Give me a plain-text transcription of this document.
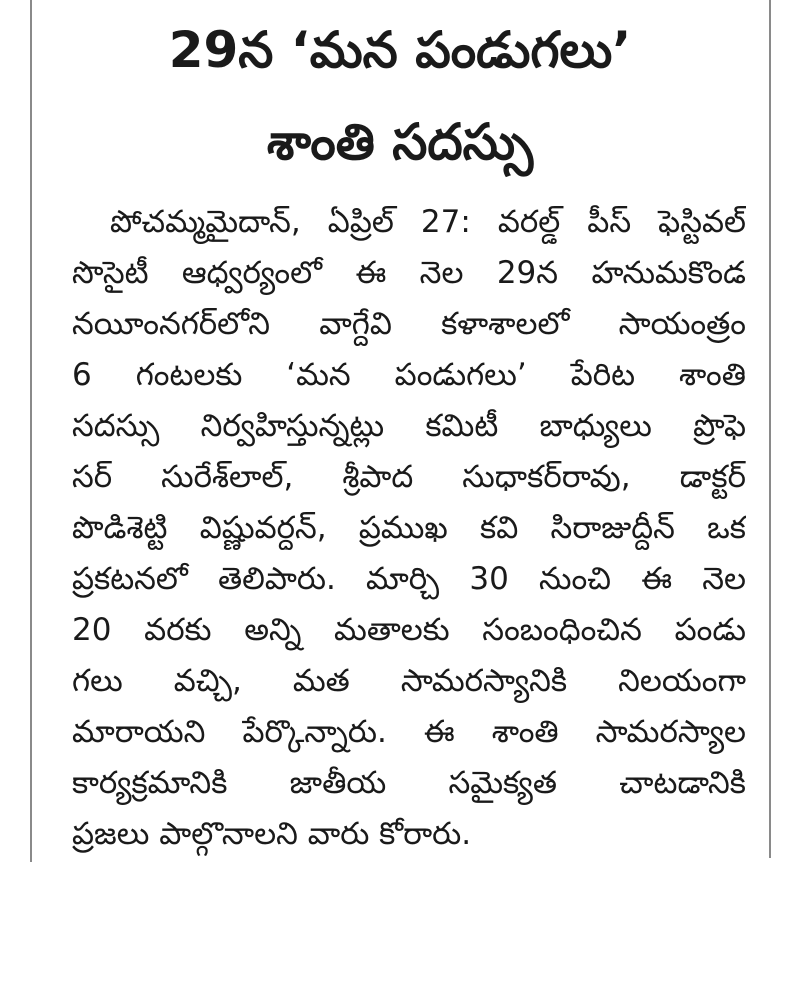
29న ‘మన పండుగలు’
శాంతి సదస్సు
పోచమ్మమైదాన్, ఏప్రిల్ 27: వరల్డ్ పీస్ ఫెస్టివల్
సొసైటీ ఆధ్వర్యంలో ఈ నెల 29న హనుమకొండ
నయీంనగర్‌లోని వాగ్దేవి కళాశాలలో సాయంత్రం
6 గంటలకు ‘మన పండుగలు’ పేరిట శాంతి
సదస్సు నిర్వహిస్తున్నట్లు కమిటీ బాధ్యులు ప్రొఫె
సర్ సురేశ్‌లాల్, శ్రీపాద సుధాకర్‌రావు, డాక్టర్
పొడిశెట్టి విష్ణువర్ధన్, ప్రముఖ కవి సిరాజుద్దీన్ ఒక
ప్రకటనలో తెలిపారు. మార్చి 30 నుంచి ఈ నెల
20 వరకు అన్ని మతాలకు సంబంధించిన పండు
గలు వచ్చి, మత సామరస్యానికి నిలయంగా
మారాయని పేర్కొన్నారు. ఈ శాంతి సామరస్యాల
కార్యక్రమానికి జాతీయ సమైక్యత చాటడానికి
ప్రజలు పాల్గొనాలని వారు కోరారు.
